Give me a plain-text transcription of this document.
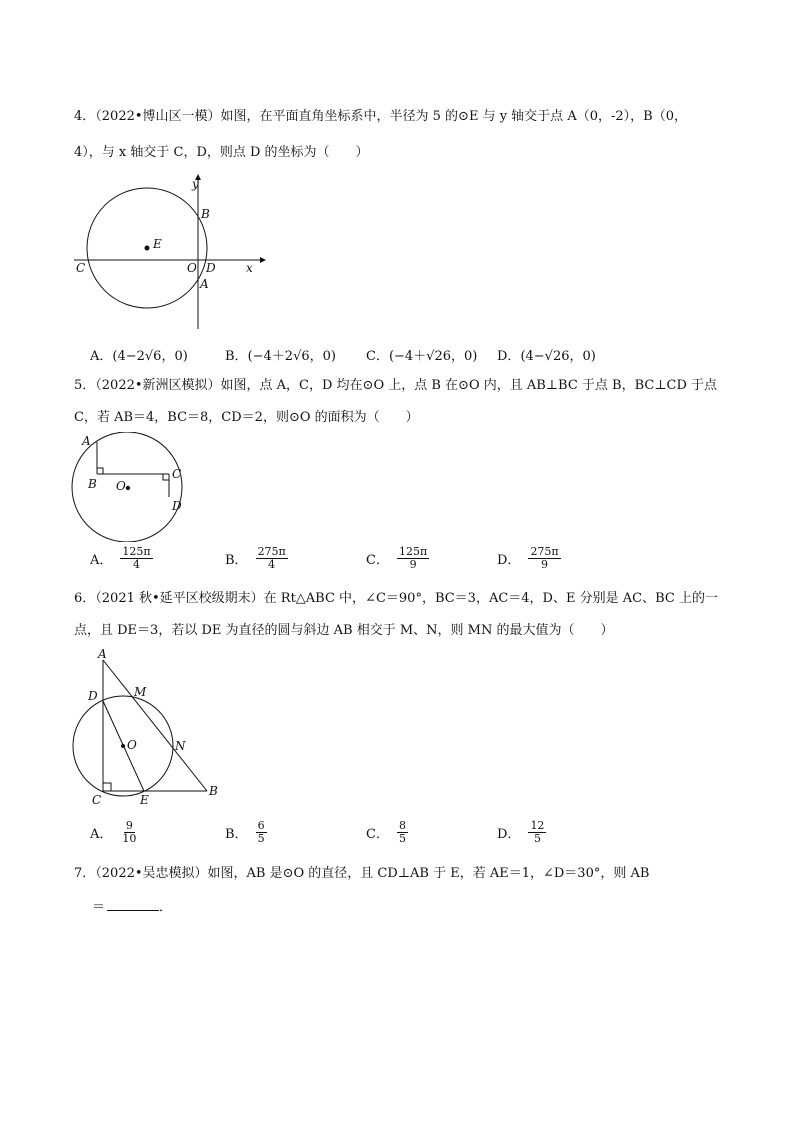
4．（2022•博山区一模）如图，在平面直角坐标系中，半径为 5 的⊙E 与 y 轴交于点 A（0，-2），B（0，
4），与 x 轴交于 C，D，则点 D 的坐标为（　　）
y
B
E
C	O D	x
A
A．(4−2√6，0)	B．(−4＋2√6，0) C．(−4＋√26，0) D．(4−√26，0)
5．（2022•新洲区模拟）如图，点 A，C，D 均在⊙O 上，点 B 在⊙O 内，且 AB⊥BC 于点 B，BC⊥CD 于点
C，若 AB＝4，BC＝8，CD＝2，则⊙O 的面积为（　　）
A
B O
C
D
A． $\frac{125\pi}{4}$	B． $\frac{275\pi}{4}$	C． $\frac{125\pi}{9}$	D． $\frac{275\pi}{9}$
6．（2021 秋•延平区校级期末）在 Rt△ABC 中，∠C＝90°，BC＝3，AC＝4，D、E 分别是 AC、BC 上的一
点，且 DE＝3，若以 DE 为直径的圆与斜边 AB 相交于 M、N，则 MN 的最大值为（　　）
A
D	M
O	N
C	E
B
A． $\frac{9}{10}$	B． $\frac{6}{5}$	C． $\frac{8}{5}$	D． $\frac{12}{5}$
7．（2022•吴忠模拟）如图，AB 是⊙O 的直径，且 CD⊥AB 于 E，若 AE＝1，∠D＝30°，则 AB
＝	．
